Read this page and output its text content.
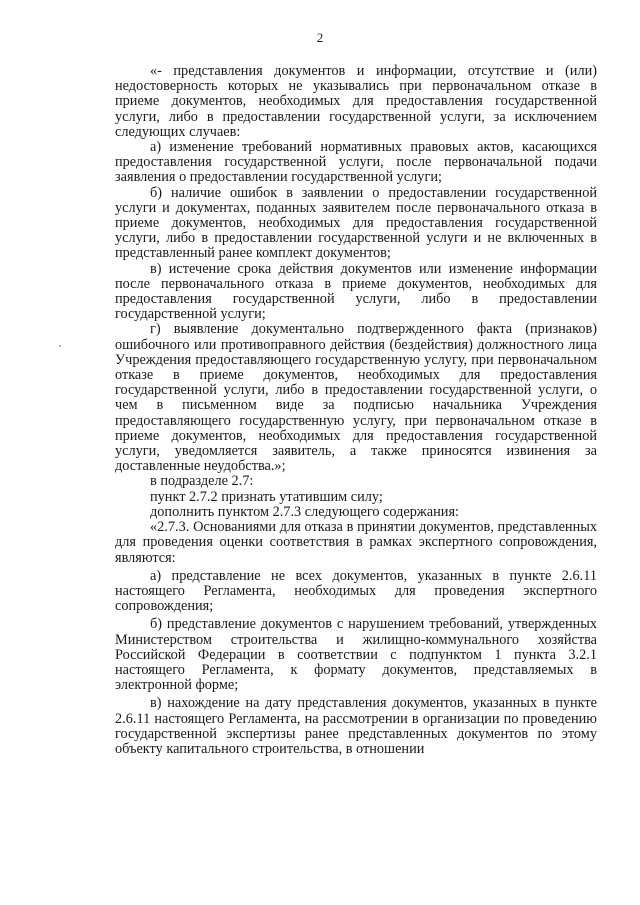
2

«- представления документов и информации, отсутствие и (или) недостоверность которых не указывались при первоначальном отказе в приеме документов, необходимых для предоставления государственной услуги, либо в предоставлении государственной услуги, за исключением следующих случаев:

а) изменение требований нормативных правовых актов, касающихся предоставления государственной услуги, после первоначальной подачи заявления о предоставлении государственной услуги;

б) наличие ошибок в заявлении о предоставлении государственной услуги и документах, поданных заявителем после первоначального отказа в приеме документов, необходимых для предоставления государственной услуги, либо в предоставлении государственной услуги и не включенных в представленный ранее комплект документов;

в) истечение срока действия документов или изменение информации после первоначального отказа в приеме документов, необходимых для предоставления государственной услуги, либо в предоставлении государственной услуги;

г) выявление документально подтвержденного факта (признаков) ошибочного или противоправного действия (бездействия) должностного лица Учреждения предоставляющего государственную услугу, при первоначальном отказе в приеме документов, необходимых для предоставления государственной услуги, либо в предоставлении государственной услуги, о чем в письменном виде за подписью начальника Учреждения предоставляющего государственную услугу, при первоначальном отказе в приеме документов, необходимых для предоставления государственной услуги, уведомляется заявитель, а также приносятся извинения за доставленные неудобства.»;

в подразделе 2.7:

пункт 2.7.2 признать утатившим силу;

дополнить пунктом 2.7.3 следующего содержания:

«2.7.3. Основаниями для отказа в принятии документов, представленных для проведения оценки соответствия в рамках экспертного сопровождения, являются:

а) представление не всех документов, указанных в пункте 2.6.11 настоящего Регламента, необходимых для проведения экспертного сопровождения;

б) представление документов с нарушением требований, утвержденных Министерством строительства и жилищно-коммунального хозяйства Российской Федерации в соответствии с подпунктом 1 пункта 3.2.1 настоящего Регламента, к формату документов, представляемых в электронной форме;

в) нахождение на дату представления документов, указанных в пункте 2.6.11 настоящего Регламента, на рассмотрении в организации по проведению государственной экспертизы ранее представленных документов по этому объекту капитального строительства, в отношении
